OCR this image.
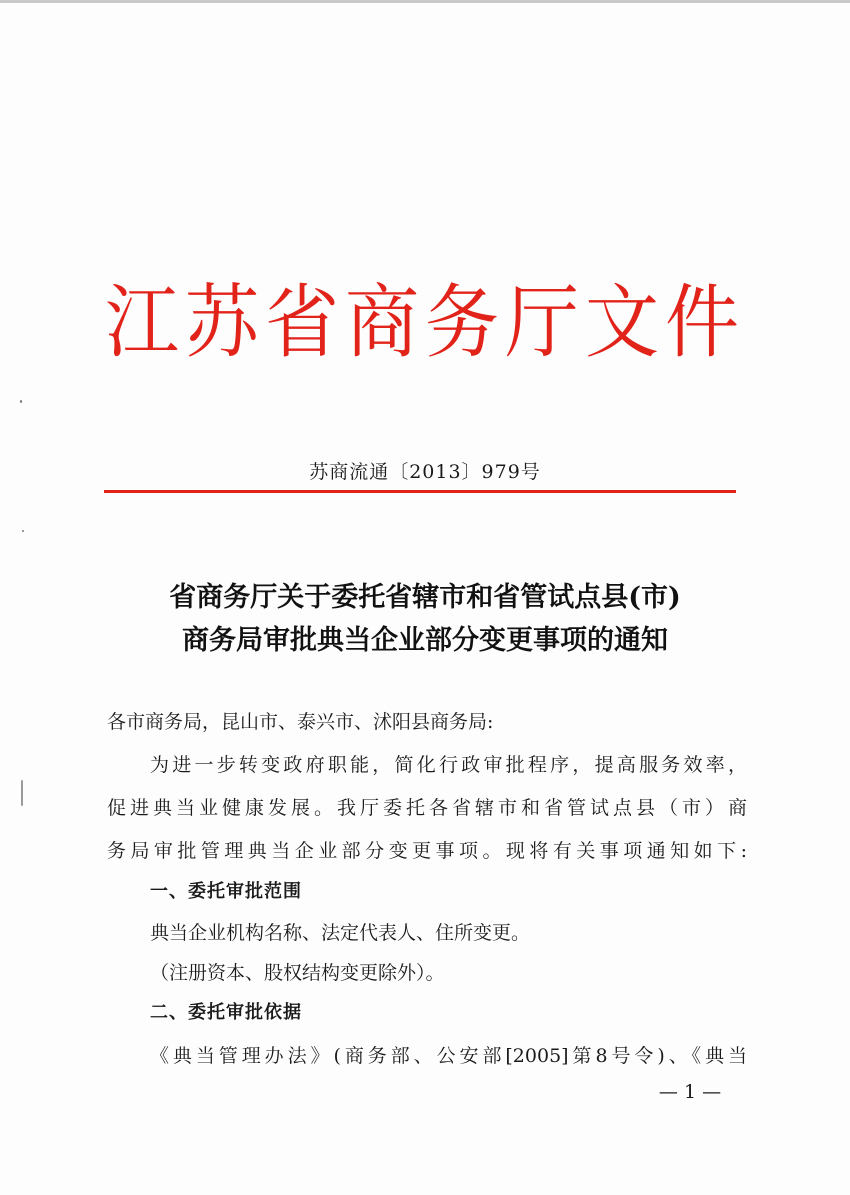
江苏省商务厅文件
苏商流通〔2013〕979号
省商务厅关于委托省辖市和省管试点县(市)
商务局审批典当企业部分变更事项的通知
各市商务局，昆山市、泰兴市、沭阳县商务局:
为进一步转变政府职能，简化行政审批程序，提高服务效率，
促进典当业健康发展。我厅委托各省辖市和省管试点县（市）商
务局审批管理典当企业部分变更事项。现将有关事项通知如下:
一、委托审批范围
典当企业机构名称、法定代表人、住所变更。
（注册资本、股权结构变更除外）。
二、委托审批依据
《典当管理办法》(商务部、公安部[2005]第8号令)、《典当
— 1 —
